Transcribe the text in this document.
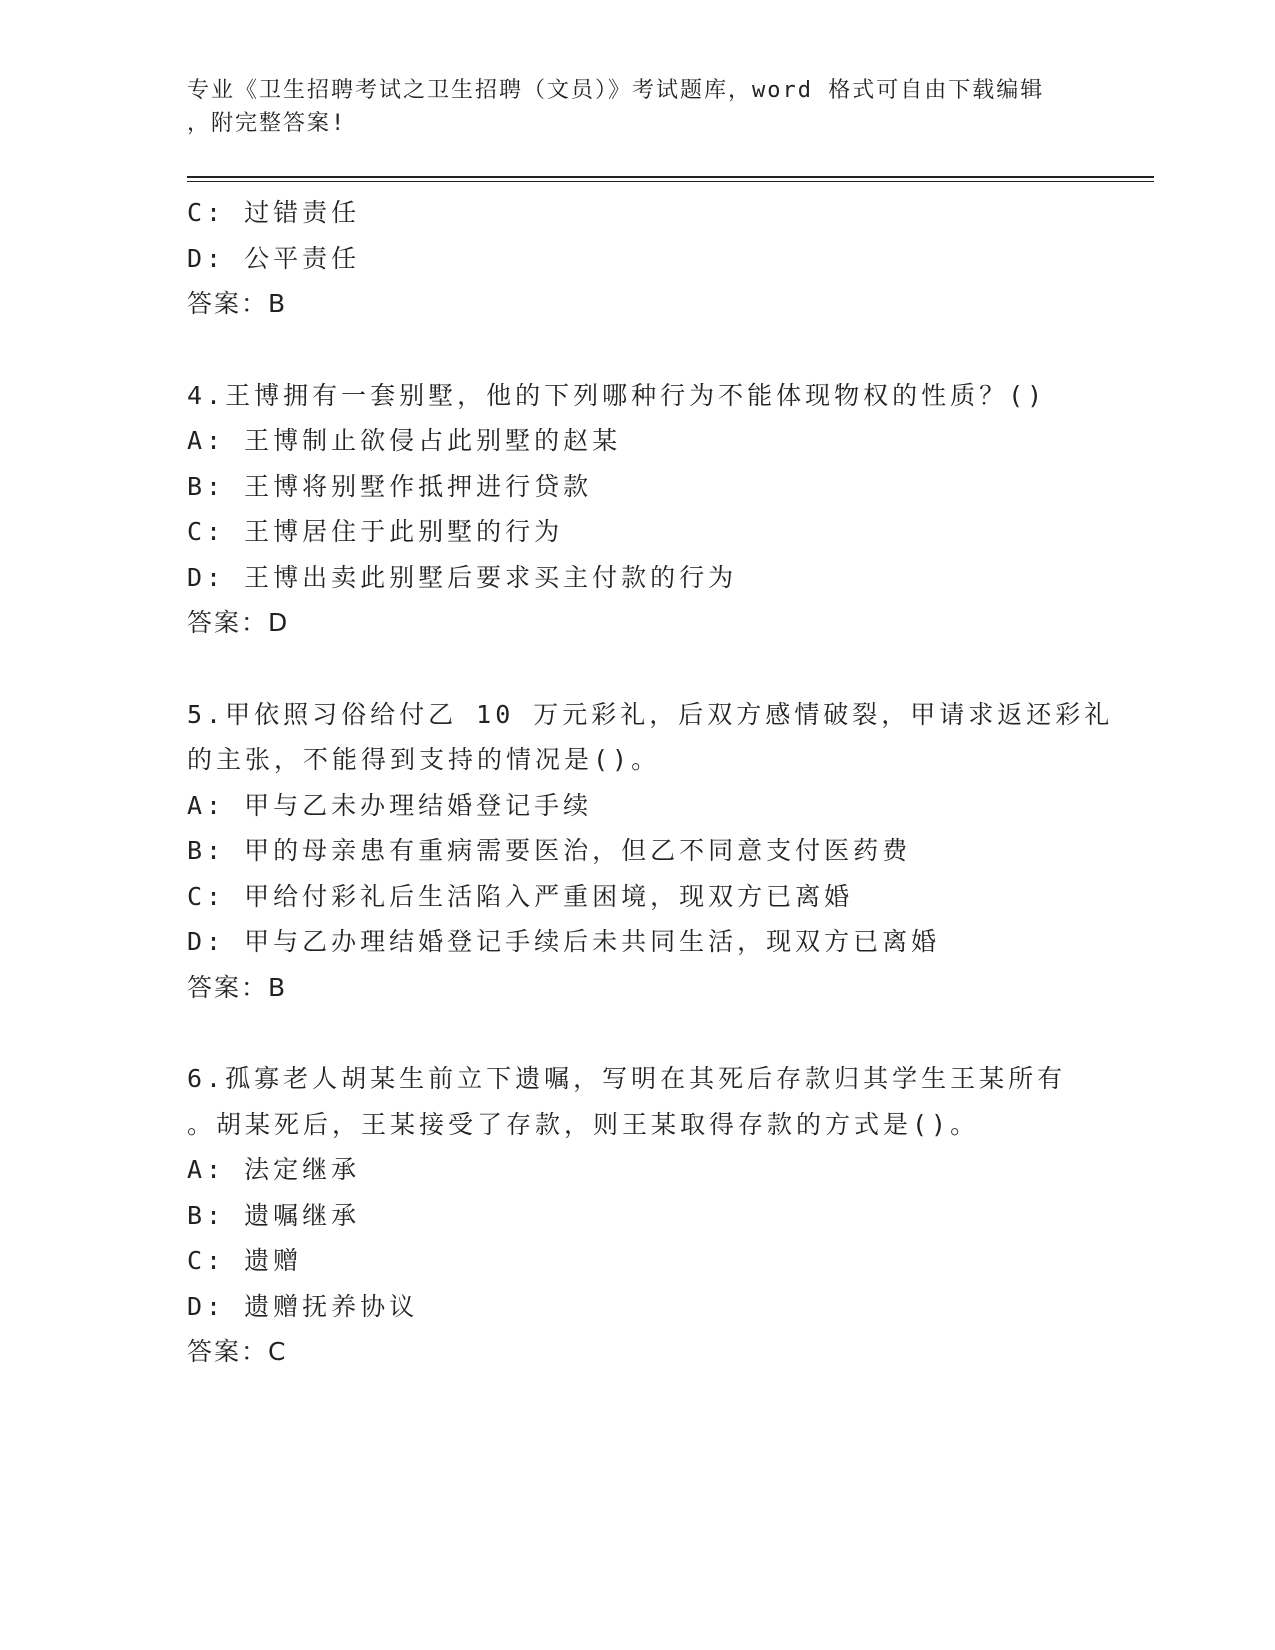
专业《卫生招聘考试之卫生招聘（文员）》考试题库，word 格式可自由下载编辑
，附完整答案!
C: 过错责任
D: 公平责任
答案：B
4.王博拥有一套别墅，他的下列哪种行为不能体现物权的性质？()
A: 王博制止欲侵占此别墅的赵某
B: 王博将别墅作抵押进行贷款
C: 王博居住于此别墅的行为
D: 王博出卖此别墅后要求买主付款的行为
答案：D
5.甲依照习俗给付乙 10 万元彩礼，后双方感情破裂，甲请求返还彩礼
的主张，不能得到支持的情况是()。
A: 甲与乙未办理结婚登记手续
B: 甲的母亲患有重病需要医治，但乙不同意支付医药费
C: 甲给付彩礼后生活陷入严重困境，现双方已离婚
D: 甲与乙办理结婚登记手续后未共同生活，现双方已离婚
答案：B
6.孤寡老人胡某生前立下遗嘱，写明在其死后存款归其学生王某所有
。胡某死后，王某接受了存款，则王某取得存款的方式是()。
A: 法定继承
B: 遗嘱继承
C: 遗赠
D: 遗赠抚养协议
答案：C
